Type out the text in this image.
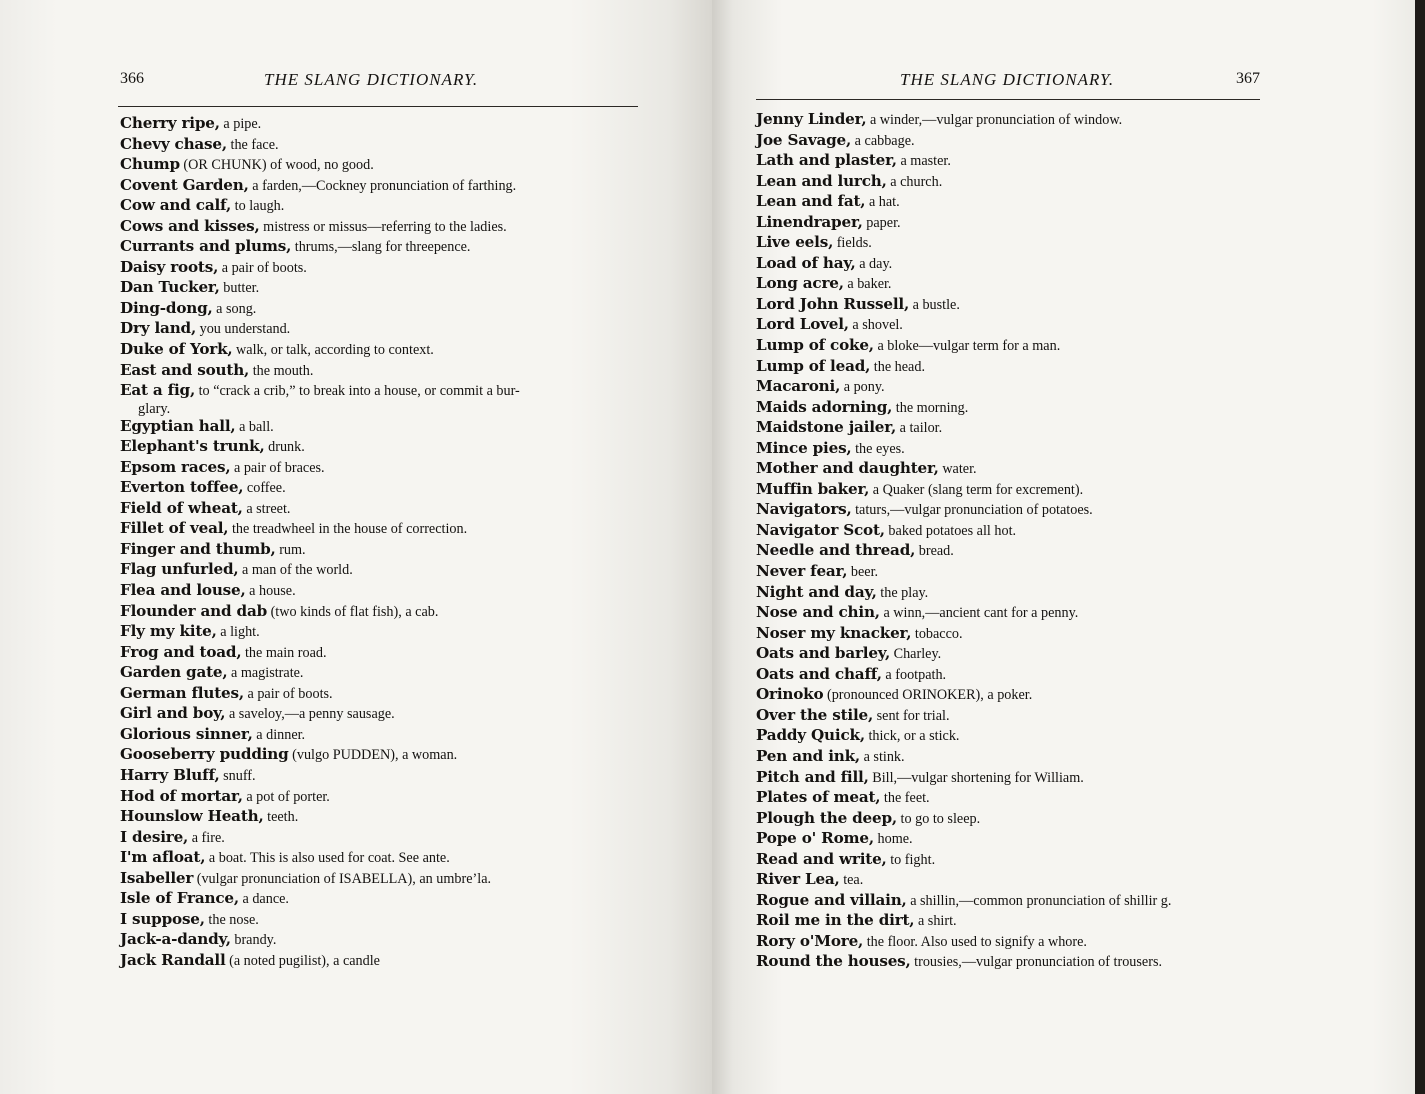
366	THE SLANG DICTIONARY.
Cherry ripe, a pipe.
Chevy chase, the face.
Chump (OR CHUNK) of wood, no good.
Covent Garden, a farden,—Cockney pronunciation of farthing.
Cow and calf, to laugh.
Cows and kisses, mistress or missus—referring to the ladies.
Currants and plums, thrums,—slang for threepence.
Daisy roots, a pair of boots.
Dan Tucker, butter.
Ding-dong, a song.
Dry land, you understand.
Duke of York, walk, or talk, according to context.
East and south, the mouth.
Eat a fig, to “crack a crib,” to break into a house, or commit a bur-
glary.
Egyptian hall, a ball.
Elephant's trunk, drunk.
Epsom races, a pair of braces.
Everton toffee, coffee.
Field of wheat, a street.
Fillet of veal, the treadwheel in the house of correction.
Finger and thumb, rum.
Flag unfurled, a man of the world.
Flea and louse, a house.
Flounder and dab (two kinds of flat fish), a cab.
Fly my kite, a light.
Frog and toad, the main road.
Garden gate, a magistrate.
German flutes, a pair of boots.
Girl and boy, a saveloy,—a penny sausage.
Glorious sinner, a dinner.
Gooseberry pudding (vulgo PUDDEN), a woman.
Harry Bluff, snuff.
Hod of mortar, a pot of porter.
Hounslow Heath, teeth.
I desire, a fire.
I'm afloat, a boat. This is also used for coat. See ante.
Isabeller (vulgar pronunciation of ISABELLA), an umbre’la.
Isle of France, a dance.
I suppose, the nose.
Jack-a-dandy, brandy.
Jack Randall (a noted pugilist), a candle
THE SLANG DICTIONARY.	367
Jenny Linder, a winder,—vulgar pronunciation of window.
Joe Savage, a cabbage.
Lath and plaster, a master.
Lean and lurch, a church.
Lean and fat, a hat.
Linendraper, paper.
Live eels, fields.
Load of hay, a day.
Long acre, a baker.
Lord John Russell, a bustle.
Lord Lovel, a shovel.
Lump of coke, a bloke—vulgar term for a man.
Lump of lead, the head.
Macaroni, a pony.
Maids adorning, the morning.
Maidstone jailer, a tailor.
Mince pies, the eyes.
Mother and daughter, water.
Muffin baker, a Quaker (slang term for excrement).
Navigators, taturs,—vulgar pronunciation of potatoes.
Navigator Scot, baked potatoes all hot.
Needle and thread, bread.
Never fear, beer.
Night and day, the play.
Nose and chin, a winn,—ancient cant for a penny.
Noser my knacker, tobacco.
Oats and barley, Charley.
Oats and chaff, a footpath.
Orinoko (pronounced ORINOKER), a poker.
Over the stile, sent for trial.
Paddy Quick, thick, or a stick.
Pen and ink, a stink.
Pitch and fill, Bill,—vulgar shortening for William.
Plates of meat, the feet.
Plough the deep, to go to sleep.
Pope o' Rome, home.
Read and write, to fight.
River Lea, tea.
Rogue and villain, a shillin,—common pronunciation of shillir g.
Roil me in the dirt, a shirt.
Rory o'More, the floor. Also used to signify a whore.
Round the houses, trousies,—vulgar pronunciation of trousers.
